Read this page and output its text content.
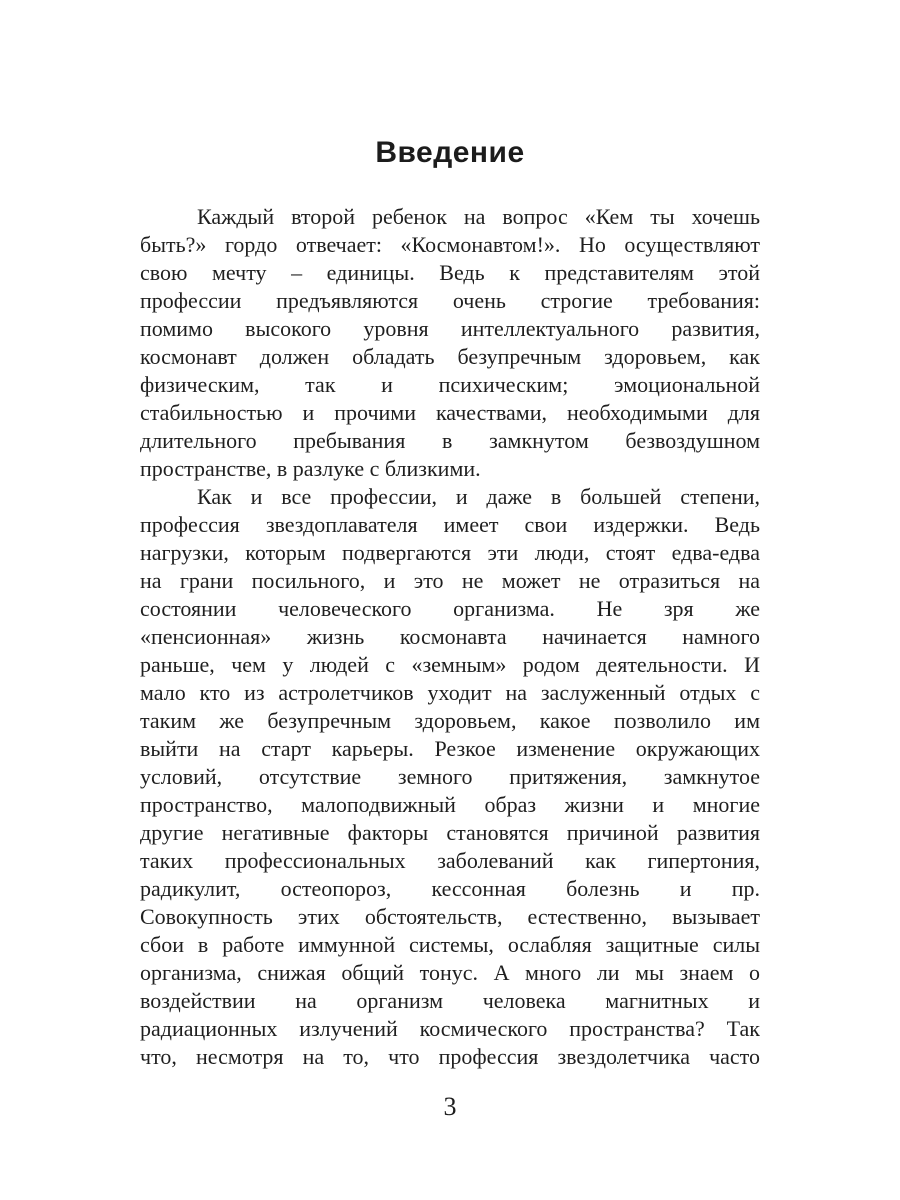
Введение
Каждый второй ребенок на вопрос «Кем ты хочешь
быть?» гордо отвечает: «Космонавтом!». Но осуществляют
свою мечту – единицы. Ведь к представителям этой
профессии предъявляются очень строгие требования:
помимо высокого уровня интеллектуального развития,
космонавт должен обладать безупречным здоровьем, как
физическим, так и психическим; эмоциональной
стабильностью и прочими качествами, необходимыми для
длительного пребывания в замкнутом безвоздушном
пространстве, в разлуке с близкими.
Как и все профессии, и даже в большей степени,
профессия звездоплавателя имеет свои издержки. Ведь
нагрузки, которым подвергаются эти люди, стоят едва-едва
на грани посильного, и это не может не отразиться на
состоянии человеческого организма. Не зря же
«пенсионная» жизнь космонавта начинается намного
раньше, чем у людей с «земным» родом деятельности. И
мало кто из астролетчиков уходит на заслуженный отдых с
таким же безупречным здоровьем, какое позволило им
выйти на старт карьеры. Резкое изменение окружающих
условий, отсутствие земного притяжения, замкнутое
пространство, малоподвижный образ жизни и многие
другие негативные факторы становятся причиной развития
таких профессиональных заболеваний как гипертония,
радикулит, остеопороз, кессонная болезнь и пр.
Совокупность этих обстоятельств, естественно, вызывает
сбои в работе иммунной системы, ослабляя защитные силы
организма, снижая общий тонус. А много ли мы знаем о
воздействии на организм человека магнитных и
радиационных излучений космического пространства? Так
что, несмотря на то, что профессия звездолетчика часто
3
